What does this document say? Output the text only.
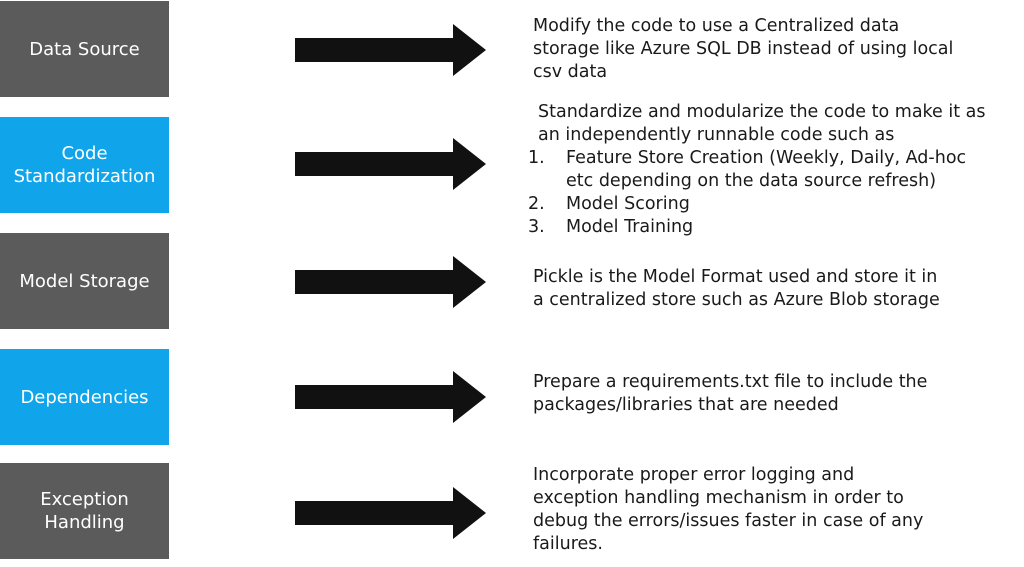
Data Source

Modify the code to use a Centralized data
storage like Azure SQL DB instead of using local
csv data

Code
Standardization

Standardize and modularize the code to make it as
an independently runnable code such as

1.	Feature Store Creation (Weekly, Daily, Ad-hoc
etc depending on the data source refresh)
2.	Model Scoring
3.	Model Training
Model Storage	Pickle is the Model Format used and store it in
a centralized store such as Azure Blob storage

Dependencies

Prepare a requirements.txt file to include the
packages/libraries that are needed

Exception
Handling

Incorporate proper error logging and
exception handling mechanism in order to
debug the errors/issues faster in case of any
failures.
